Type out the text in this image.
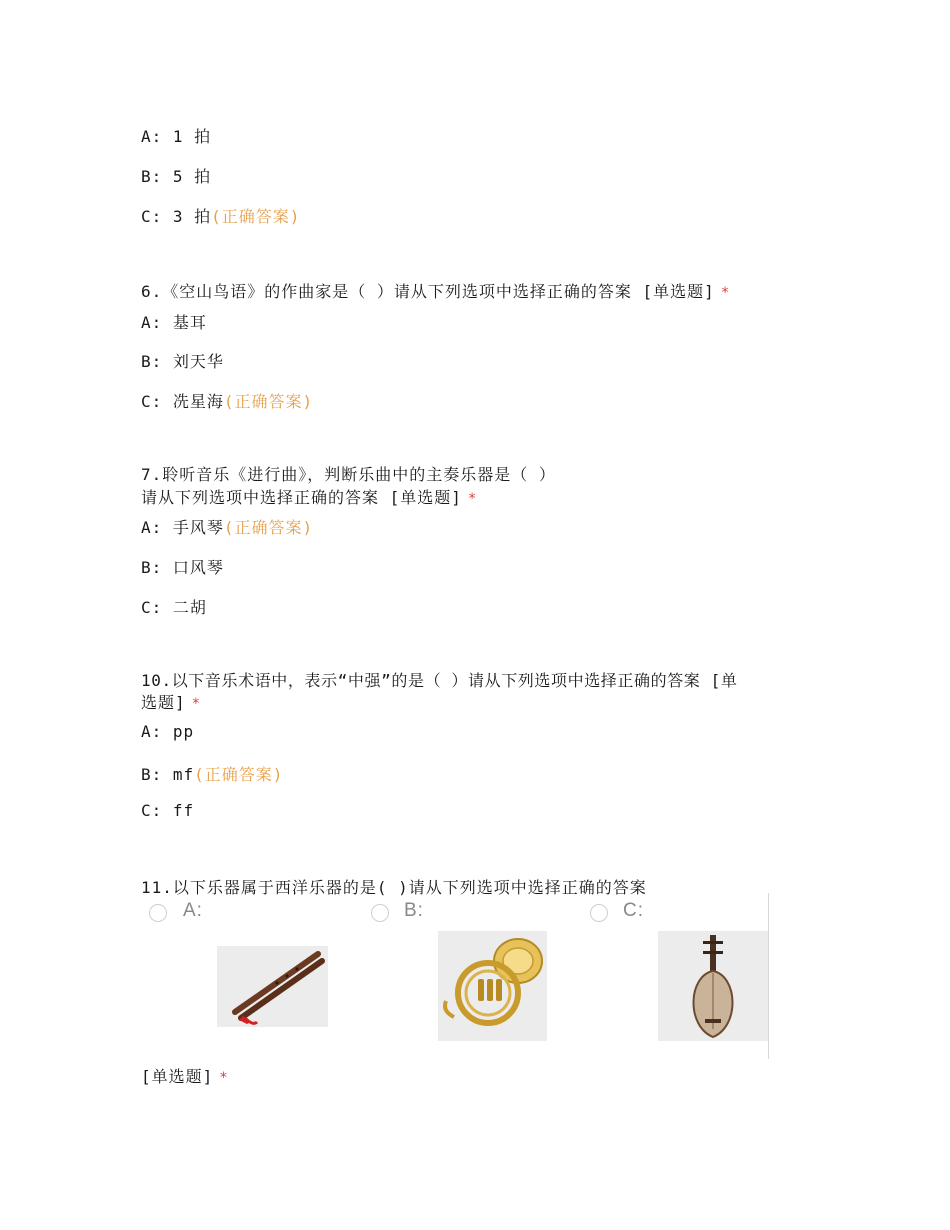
A: 1 拍
B: 5 拍
C: 3 拍(正确答案)
6.《空山鸟语》的作曲家是（ ）请从下列选项中选择正确的答案 [单选题] *
A: 基耳
B: 刘天华
C: 冼星海(正确答案)
7.聆听音乐《进行曲》，判断乐曲中的主奏乐器是（ ）
请从下列选项中选择正确的答案 [单选题] *
A: 手风琴(正确答案)
B: 口风琴
C: 二胡
10.以下音乐术语中，表示“中强”的是（ ）请从下列选项中选择正确的答案 [单
选题] *
A: pp
B: mf(正确答案)
C: ff
11.以下乐器属于西洋乐器的是( )请从下列选项中选择正确的答案
A:	B:	C:
[单选题] *
